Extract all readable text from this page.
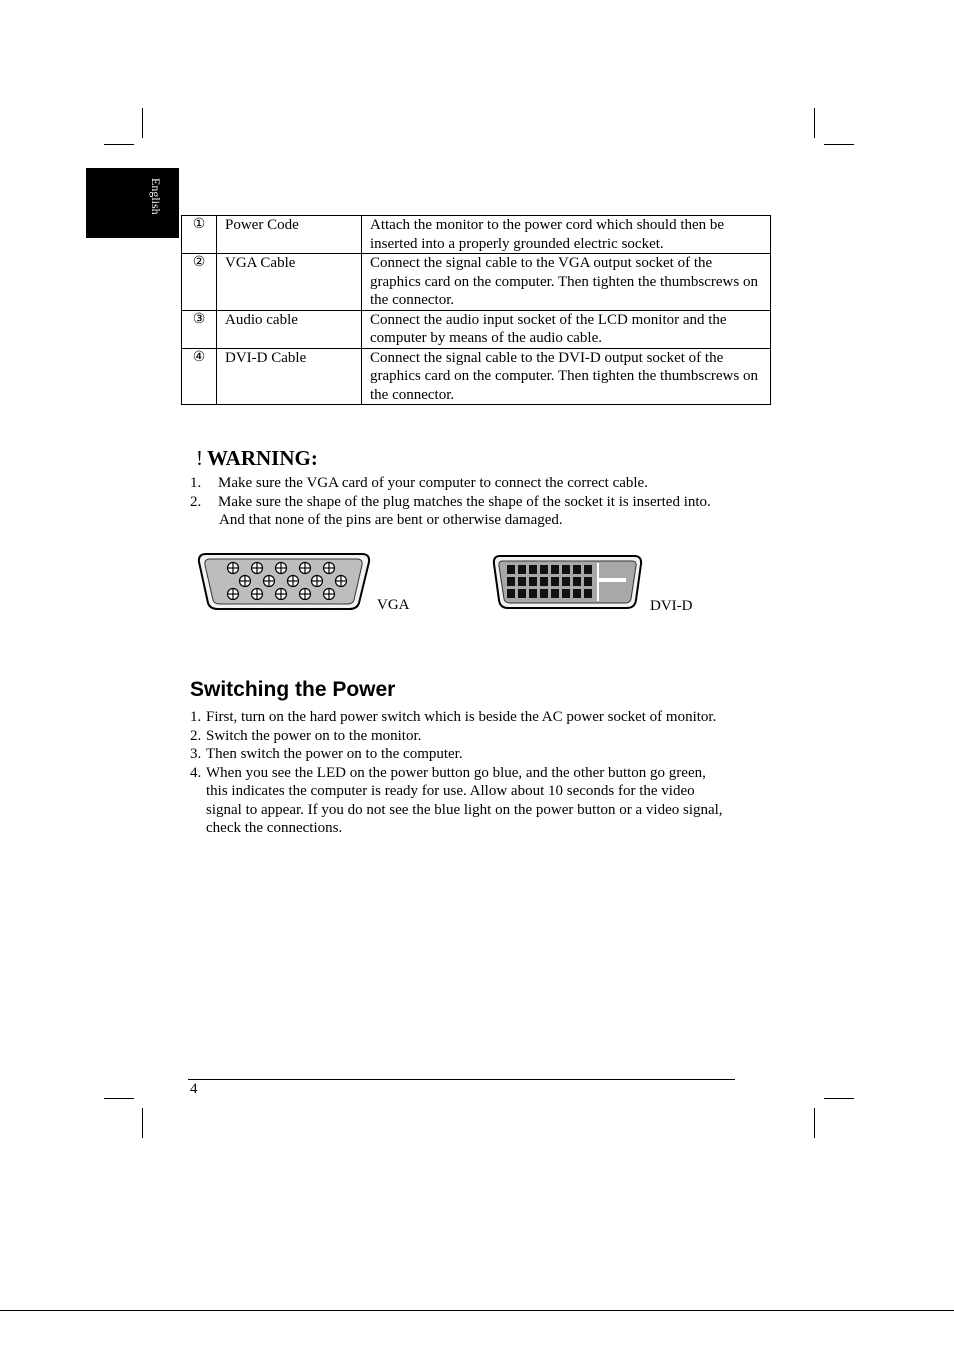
English
①	Power Code	Attach the monitor to the power cord which should then be inserted into a properly grounded electric socket.
②	VGA Cable	Connect the signal cable to the VGA output socket of the graphics card on the computer. Then tighten the thumbscrews on the connector.
③	Audio cable	Connect the audio input socket of the LCD monitor and the computer by means of the audio cable.
④	DVI-D Cable	Connect the signal cable to the DVI-D output socket of the graphics card on the computer. Then tighten the thumbscrews on the connector.
! WARNING:
1. Make sure the VGA card of your computer to connect the correct cable.
2. Make sure the shape of the plug matches the shape of the socket it is inserted into.
And that none of the pins are bent or otherwise damaged.
VGA	DVI-D
Switching the Power
1. First, turn on the hard power switch which is beside the AC power socket of monitor.
2. Switch the power on to the monitor.
3. Then switch the power on to the computer.
4. When you see the LED on the power button go blue, and the other button go green,
this indicates the computer is ready for use. Allow about 10 seconds for the video
signal to appear. If you do not see the blue light on the power button or a video signal,
check the connections.
4
